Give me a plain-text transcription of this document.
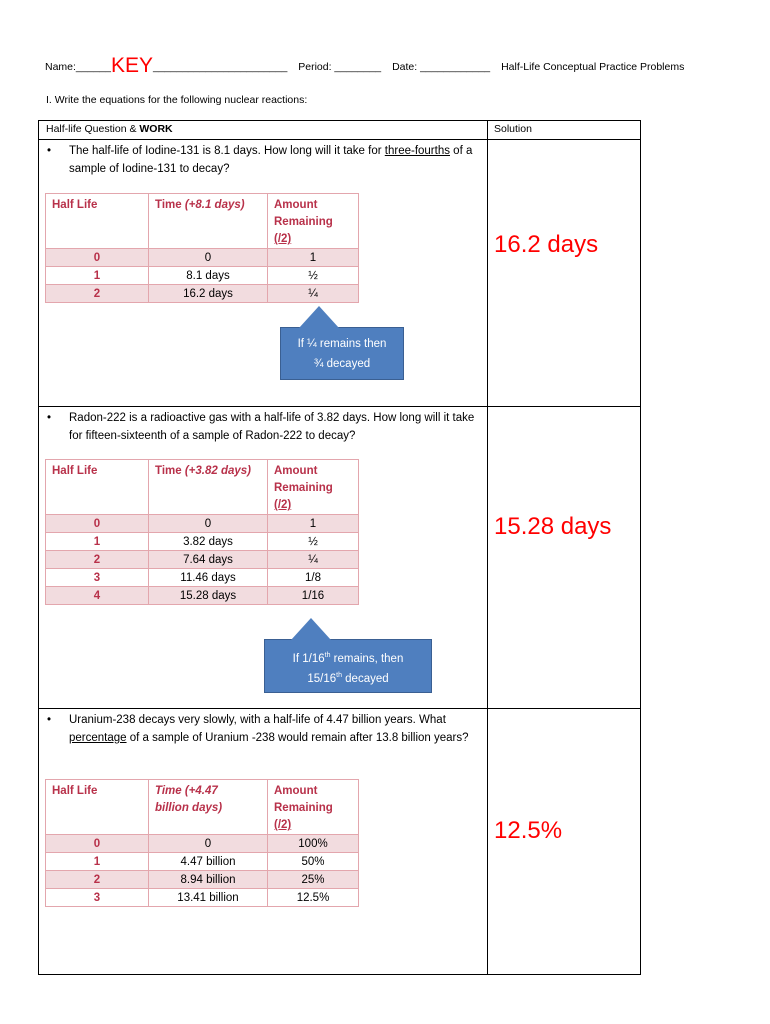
Name:______KEY_______________________ Period: ________ Date: ____________ Half-Life Conceptual Practice Problems
I. Write the equations for the following nuclear reactions:
Half-life Question & WORK	Solution
• The half-life of Iodine-131 is 8.1 days. How long will it take for three-fourths of a sample of Iodine-131 to decay?
Half Life	Time (+8.1 days)	Amount
Remaining
(/2)
0	0	1
1	8.1 days	½
2	16.2 days	¼
If ¼ remains then
¾ decayed
16.2 days
• Radon-222 is a radioactive gas with a half-life of 3.82 days. How long will it take for fifteen-sixteenth of a sample of Radon-222 to decay?
Half Life	Time (+3.82 days)	Amount
Remaining
(/2)
0	0	1
1	3.82 days	½
2	7.64 days	¼
3	11.46 days	1/8
4	15.28 days	1/16
If 1/16th remains, then
15/16th decayed
15.28 days
• Uranium-238 decays very slowly, with a half-life of 4.47 billion years. What percentage of a sample of Uranium -238 would remain after 13.8 billion years?
Half Life	Time (+4.47
billion days)	Amount
Remaining
(/2)
0	0	100%
1	4.47 billion	50%
2	8.94 billion	25%
3	13.41 billion	12.5%
12.5%
